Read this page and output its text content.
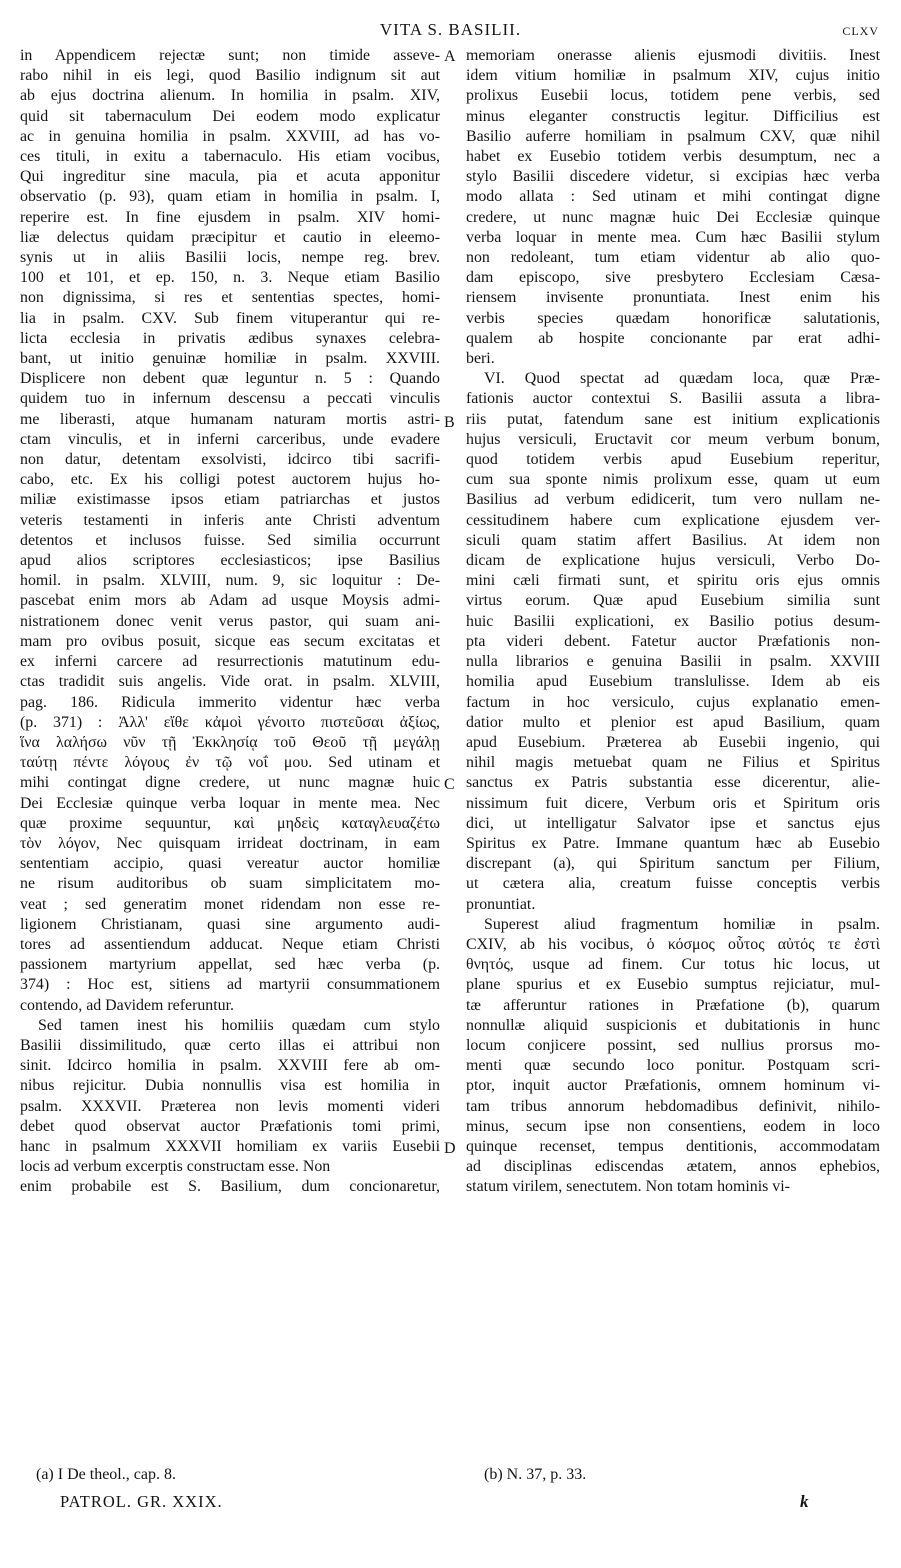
VITA S. BASILII.	CLXV
in Appendicem rejectæ sunt; non timide asseve-
rabo nihil in eis legi, quod Basilio indignum sit aut
ab ejus doctrina alienum. In homilia in psalm. XIV,
quid sit tabernaculum Dei eodem modo explicatur
ac in genuina homilia in psalm. XXVIII, ad has vo-
ces tituli, in exitu a tabernaculo. His etiam vocibus,
Qui ingreditur sine macula, pia et acuta apponitur
observatio (p. 93), quam etiam in homilia in psalm. I,
reperire est. In fine ejusdem in psalm. XIV homi-
liæ delectus quidam præcipitur et cautio in eleemo-
synis ut in aliis Basilii locis, nempe reg. brev.
100 et 101, et ep. 150, n. 3. Neque etiam Basilio
non dignissima, si res et sententias spectes, homi-
lia in psalm. CXV. Sub finem vituperantur qui re-
licta ecclesia in privatis ædibus synaxes celebra-
bant, ut initio genuinæ homiliæ in psalm. XXVIII.
Displicere non debent quæ leguntur n. 5 : Quando
quidem tuo in infernum descensu a peccati vinculis
me liberasti, atque humanam naturam mortis astri-
ctam vinculis, et in inferni carceribus, unde evadere
non datur, detentam exsolvisti, idcirco tibi sacrifi-
cabo, etc. Ex his colligi potest auctorem hujus ho-
miliæ existimasse ipsos etiam patriarchas et justos
veteris testamenti in inferis ante Christi adventum
detentos et inclusos fuisse. Sed similia occurrunt
apud alios scriptores ecclesiasticos; ipse Basilius
homil. in psalm. XLVIII, num. 9, sic loquitur : De-
pascebat enim mors ab Adam ad usque Moysis admi-
nistrationem donec venit verus pastor, qui suam ani-
mam pro ovibus posuit, sicque eas secum excitatas et
ex inferni carcere ad resurrectionis matutinum edu-
ctas tradidit suis angelis. Vide orat. in psalm. XLVIII,
pag. 186. Ridicula immerito videntur hæc verba
(p. 371) : Ἀλλ' εἴθε κἀμοὶ γένοιτο πιστεῦσαι ἀξίως,
ἵνα λαλήσω νῦν τῇ Ἐκκλησίᾳ τοῦ Θεοῦ τῇ μεγάλῃ
ταύτῃ πέντε λόγους ἐν τῷ νοΐ μου. Sed utinam et
mihi contingat digne credere, ut nunc magnæ huic
Dei Ecclesiæ quinque verba loquar in mente mea. Nec
quæ proxime sequuntur, καὶ μηδεὶς καταγλευαζέτω
τὸν λόγον, Nec quisquam irrideat doctrinam, in eam
sententiam accipio, quasi vereatur auctor homiliæ
ne risum auditoribus ob suam simplicitatem mo-
veat ; sed generatim monet ridendam non esse re-
ligionem Christianam, quasi sine argumento audi-
tores ad assentiendum adducat. Neque etiam Christi
passionem martyrium appellat, sed hæc verba (p.
374) : Hoc est, sitiens ad martyrii consummationem
contendo, ad Davidem referuntur.
Sed tamen inest his homiliis quædam cum stylo
Basilii dissimilitudo, quæ certo illas ei attribui non
sinit. Idcirco homilia in psalm. XXVIII fere ab om-
nibus rejicitur. Dubia nonnullis visa est homilia in
psalm. XXXVII. Præterea non levis momenti videri
debet quod observat auctor Præfationis tomi primi,
hanc in psalmum XXXVII homiliam ex variis Eusebii
locis ad verbum excerptis constructam esse. Non
enim probabile est S. Basilium, dum concionaretur,
memoriam onerasse alienis ejusmodi divitiis. Inest
idem vitium homiliæ in psalmum XIV, cujus initio
prolixus Eusebii locus, totidem pene verbis, sed
minus eleganter constructis legitur. Difficilius est
Basilio auferre homiliam in psalmum CXV, quæ nihil
habet ex Eusebio totidem verbis desumptum, nec a
stylo Basilii discedere videtur, si excipias hæc verba
modo allata : Sed utinam et mihi contingat digne
credere, ut nunc magnæ huic Dei Ecclesiæ quinque
verba loquar in mente mea. Cum hæc Basilii stylum
non redoleant, tum etiam videntur ab alio quo-
dam episcopo, sive presbytero Ecclesiam Cæsa-
riensem invisente pronuntiata. Inest enim his
verbis species quædam honorificæ salutationis,
qualem ab hospite concionante par erat adhi-
beri.
VI. Quod spectat ad quædam loca, quæ Præ-
fationis auctor contextui S. Basilii assuta a libra-
riis putat, fatendum sane est initium explicationis
hujus versiculi, Eructavit cor meum verbum bonum,
quod totidem verbis apud Eusebium reperitur,
cum sua sponte nimis prolixum esse, quam ut eum
Basilius ad verbum edidicerit, tum vero nullam ne-
cessitudinem habere cum explicatione ejusdem ver-
siculi quam statim affert Basilius. At idem non
dicam de explicatione hujus versiculi, Verbo Do-
mini cæli firmati sunt, et spiritu oris ejus omnis
virtus eorum. Quæ apud Eusebium similia sunt
huic Basilii explicationi, ex Basilio potius desum-
pta videri debent. Fatetur auctor Præfationis non-
nulla librarios e genuina Basilii in psalm. XXVIII
homilia apud Eusebium translulisse. Idem ab eis
factum in hoc versiculo, cujus explanatio emen-
datior multo et plenior est apud Basilium, quam
apud Eusebium. Præterea ab Eusebii ingenio, qui
nihil magis metuebat quam ne Filius et Spiritus
sanctus ex Patris substantia esse dicerentur, alie-
nissimum fuit dicere, Verbum oris et Spiritum oris
dici, ut intelligatur Salvator ipse et sanctus ejus
Spiritus ex Patre. Immane quantum hæc ab Eusebio
discrepant (a), qui Spiritum sanctum per Filium,
ut cætera alia, creatum fuisse conceptis verbis
pronuntiat.
Superest aliud fragmentum homiliæ in psalm.
CXIV, ab his vocibus, ὁ κόσμος οὗτος αὐτός τε ἐστὶ
θνητός, usque ad finem. Cur totus hic locus, ut
plane spurius et ex Eusebio sumptus rejiciatur, mul-
tæ afferuntur rationes in Præfatione (b), quarum
nonnullæ aliquid suspicionis et dubitationis in hunc
locum conjicere possint, sed nullius prorsus mo-
menti quæ secundo loco ponitur. Postquam scri-
ptor, inquit auctor Præfationis, omnem hominum vi-
tam tribus annorum hebdomadibus definivit, nihilo-
minus, secum ipse non consentiens, eodem in loco
quinque recenset, tempus dentitionis, accommodatam
ad disciplinas ediscendas ætatem, annos ephebios,
statum virilem, senectutem. Non totam hominis vi-
A
B
C
D
(a) I De theol., cap. 8.	(b) N. 37, p. 33.
PATROL. GR. XXIX.	k
